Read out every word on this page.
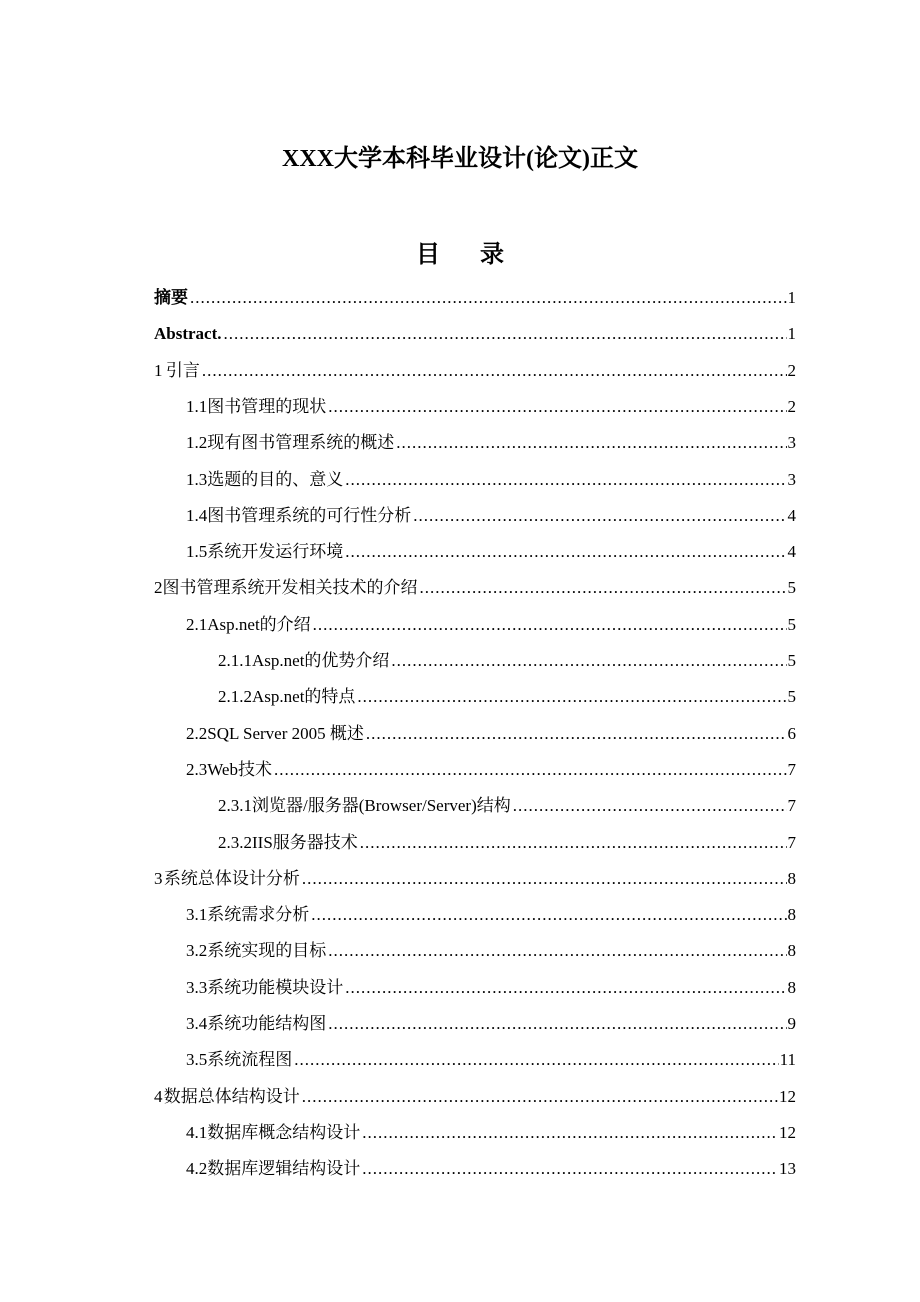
XXX大学本科毕业设计(论文)正文
目 录
摘要 .....	1
Abstract. .....	1
1 引言 .....	2
1.1 图书管理的现状 .....	2
1.2 现有图书管理系统的概述 .....	3
1.3 选题的目的、意义 .....	3
1.4 图书管理系统的可行性分析 .....	4
1.5 系统开发运行环境 .....	4
2 图书管理系统开发相关技术的介绍 .....	5
2.1 Asp.net的介绍 .....	5
2.1.1 Asp.net的优势介绍 .....	5
2.1.2 Asp.net的特点 .....	5
2.2 SQL Server 2005 概述 .....	6
2.3 Web技术 .....	7
2.3.1 浏览器/服务器(Browser/Server)结构 .....	7
2.3.2 IIS服务器技术 .....	7
3 系统总体设计分析 .....	8
3.1 系统需求分析 .....	8
3.2 系统实现的目标 .....	8
3.3 系统功能模块设计 .....	8
3.4 系统功能结构图 .....	9
3.5 系统流程图 .....	11
4 数据总体结构设计 .....	12
4.1 数据库概念结构设计 .....	12
4.2 数据库逻辑结构设计 .....	13
